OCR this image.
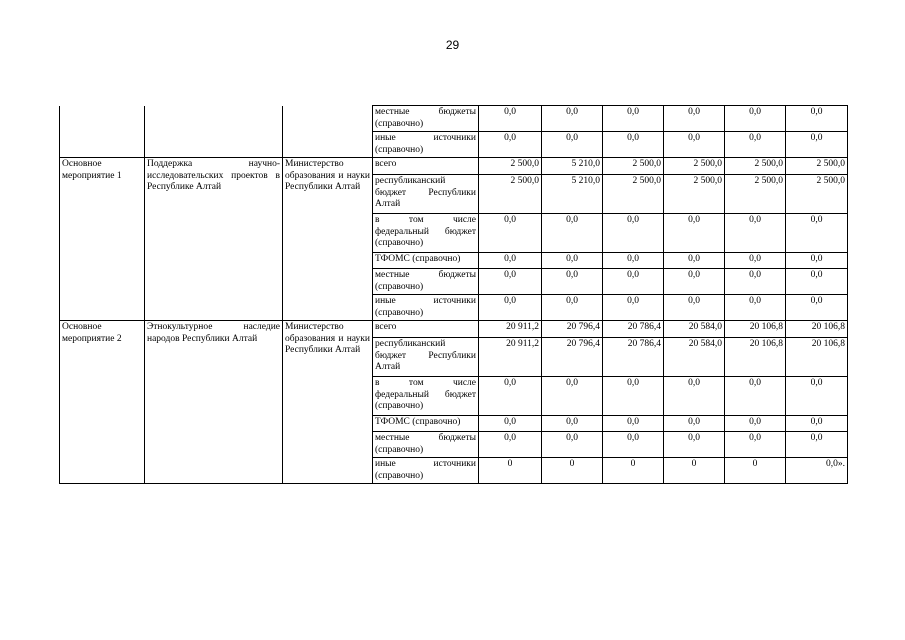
29
			местные бюджеты (справочно)	0,0	0,0	0,0	0,0	0,0	0,0
			иные источники (справочно)	0,0	0,0	0,0	0,0	0,0	0,0
Основное мероприятие 1	Поддержка научно-исследовательских проектов в Республике Алтай	Министерство образования и науки Республики Алтай	всего	2 500,0	5 210,0	2 500,0	2 500,0	2 500,0	2 500,0
			республиканский бюджет Республики Алтай	2 500,0	5 210,0	2 500,0	2 500,0	2 500,0	2 500,0
			в том числе федеральный бюджет (справочно)	0,0	0,0	0,0	0,0	0,0	0,0
			ТФОМС (справочно)	0,0	0,0	0,0	0,0	0,0	0,0
			местные бюджеты (справочно)	0,0	0,0	0,0	0,0	0,0	0,0
			иные источники (справочно)	0,0	0,0	0,0	0,0	0,0	0,0
Основное мероприятие 2	Этнокультурное наследие народов Республики Алтай	Министерство образования и науки Республики Алтай	всего	20 911,2	20 796,4	20 786,4	20 584,0	20 106,8	20 106,8
			республиканский бюджет Республики Алтай	20 911,2	20 796,4	20 786,4	20 584,0	20 106,8	20 106,8
			в том числе федеральный бюджет (справочно)	0,0	0,0	0,0	0,0	0,0	0,0
			ТФОМС (справочно)	0,0	0,0	0,0	0,0	0,0	0,0
			местные бюджеты (справочно)	0,0	0,0	0,0	0,0	0,0	0,0
			иные источники (справочно)	0	0	0	0	0	0,0».
